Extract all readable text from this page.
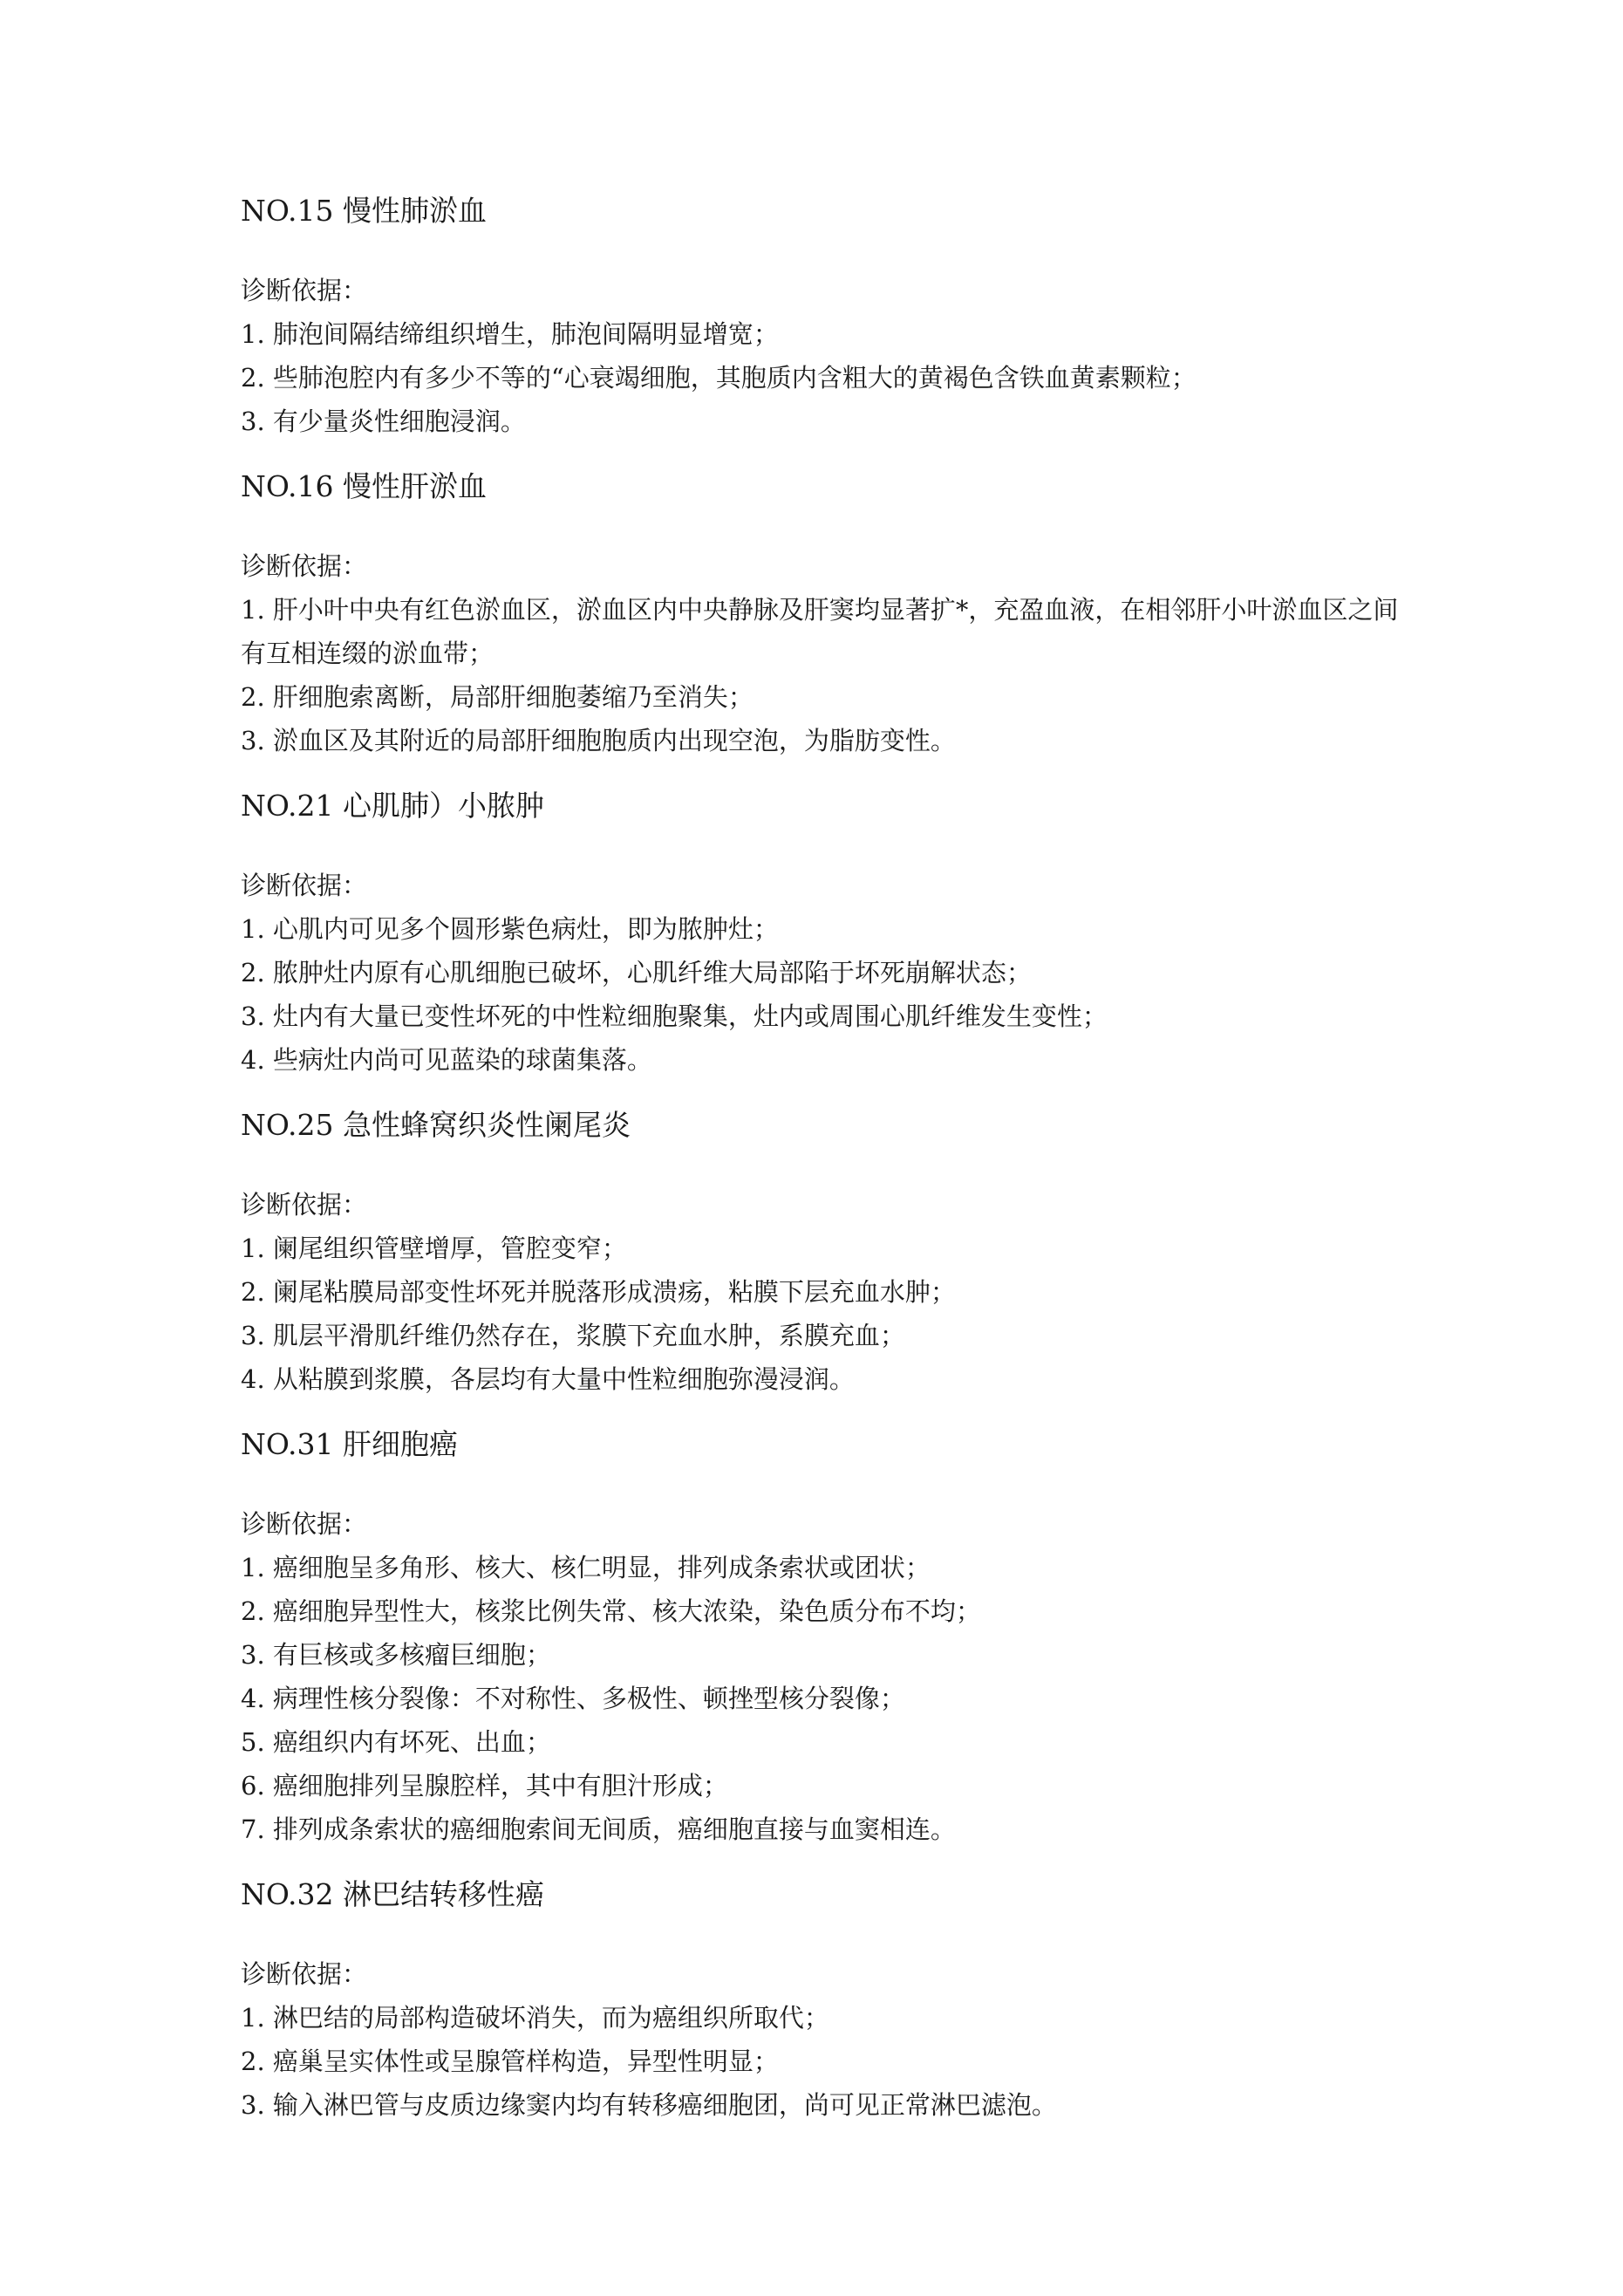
NO.15 慢性肺淤血
诊断依据：
1. 肺泡间隔结缔组织增生，肺泡间隔明显增宽；
2. 些肺泡腔内有多少不等的“心衰竭细胞，其胞质内含粗大的黄褐色含铁血黄素颗粒；
3. 有少量炎性细胞浸润。
NO.16 慢性肝淤血
诊断依据：
1. 肝小叶中央有红色淤血区，淤血区内中央静脉及肝窦均显著扩*，充盈血液，在相邻肝小叶淤血区之间有互相连缀的淤血带；
2. 肝细胞索离断，局部肝细胞萎缩乃至消失；
3. 淤血区及其附近的局部肝细胞胞质内出现空泡，为脂肪变性。
NO.21 心肌肺）小脓肿
诊断依据：
1. 心肌内可见多个圆形紫色病灶，即为脓肿灶；
2. 脓肿灶内原有心肌细胞已破坏，心肌纤维大局部陷于坏死崩解状态；
3. 灶内有大量已变性坏死的中性粒细胞聚集，灶内或周围心肌纤维发生变性；
4. 些病灶内尚可见蓝染的球菌集落。
NO.25 急性蜂窝织炎性阑尾炎
诊断依据：
1. 阑尾组织管壁增厚，管腔变窄；
2. 阑尾粘膜局部变性坏死并脱落形成溃疡，粘膜下层充血水肿；
3. 肌层平滑肌纤维仍然存在，浆膜下充血水肿，系膜充血；
4. 从粘膜到浆膜，各层均有大量中性粒细胞弥漫浸润。
NO.31 肝细胞癌
诊断依据：
1. 癌细胞呈多角形、核大、核仁明显，排列成条索状或团状；
2. 癌细胞异型性大，核浆比例失常、核大浓染，染色质分布不均；
3. 有巨核或多核瘤巨细胞；
4. 病理性核分裂像：不对称性、多极性、顿挫型核分裂像；
5. 癌组织内有坏死、出血；
6. 癌细胞排列呈腺腔样，其中有胆汁形成；
7. 排列成条索状的癌细胞索间无间质，癌细胞直接与血窦相连。
NO.32 淋巴结转移性癌
诊断依据：
1. 淋巴结的局部构造破坏消失，而为癌组织所取代；
2. 癌巢呈实体性或呈腺管样构造，异型性明显；
3. 输入淋巴管与皮质边缘窦内均有转移癌细胞团，尚可见正常淋巴滤泡。
